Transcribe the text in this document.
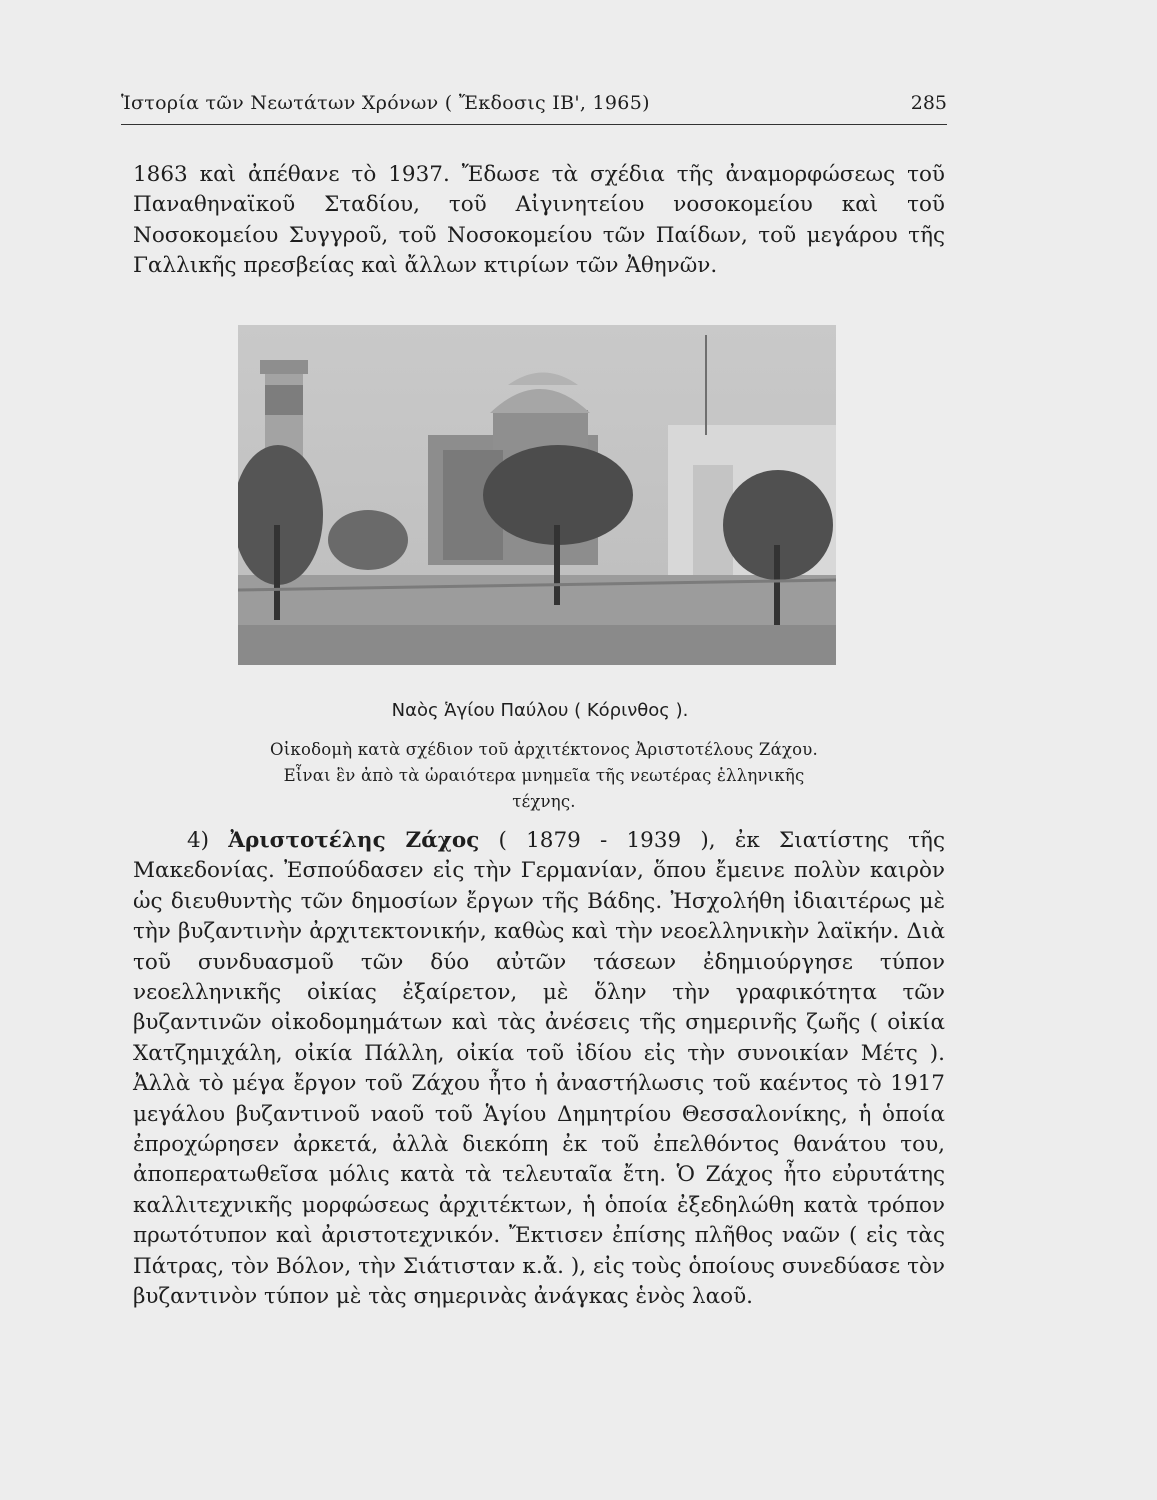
Ἱστορία τῶν Νεωτάτων Χρόνων ( Ἔκδοσις ΙΒ', 1965)	285

1863 καὶ ἀπέθανε τὸ 1937. Ἔδωσε τὰ σχέδια τῆς ἀναμορφώσεως τοῦ Παναθηναϊκοῦ Σταδίου, τοῦ Αἰγινητείου νοσοκομείου καὶ τοῦ Νοσοκομείου Συγγροῦ, τοῦ Νοσοκομείου τῶν Παίδων, τοῦ μεγάρου τῆς Γαλλικῆς πρεσβείας καὶ ἄλλων κτιρίων τῶν Ἀθηνῶν.

Ναὸς Ἁγίου Παύλου ( Κόρινθος ).
Οἰκοδομὴ κατὰ σχέδιον τοῦ ἀρχιτέκτονος Ἀριστοτέλους Ζάχου. Εἶναι ἓν ἀπὸ τὰ ὡραιότερα μνημεῖα τῆς νεωτέρας ἑλληνικῆς τέχνης.

4) Ἀριστοτέλης Ζάχος ( 1879 - 1939 ), ἐκ Σιατίστης τῆς Μακεδονίας. Ἐσπούδασεν εἰς τὴν Γερμανίαν, ὅπου ἔμεινε πολὺν καιρὸν ὡς διευθυντὴς τῶν δημοσίων ἔργων τῆς Βάδης. Ἠσχολήθη ἰδιαιτέρως μὲ τὴν βυζαντινὴν ἀρχιτεκτονικήν, καθὼς καὶ τὴν νεοελληνικὴν λαϊκήν. Διὰ τοῦ συνδυασμοῦ τῶν δύο αὐτῶν τάσεων ἐδημιούργησε τύπον νεοελληνικῆς οἰκίας ἐξαίρετον, μὲ ὅλην τὴν γραφικότητα τῶν βυζαντινῶν οἰκοδομημάτων καὶ τὰς ἀνέσεις τῆς σημερινῆς ζωῆς ( οἰκία Χατζημιχάλη, οἰκία Πάλλη, οἰκία τοῦ ἰδίου εἰς τὴν συνοικίαν Μέτς ). Ἀλλὰ τὸ μέγα ἔργον τοῦ Ζάχου ἦτο ἡ ἀναστήλωσις τοῦ καέντος τὸ 1917 μεγάλου βυζαντινοῦ ναοῦ τοῦ Ἁγίου Δημητρίου Θεσσαλονίκης, ἡ ὁποία ἐπροχώρησεν ἀρκετά, ἀλλὰ διεκόπη ἐκ τοῦ ἐπελθόντος θανάτου του, ἀποπερατωθεῖσα μόλις κατὰ τὰ τελευταῖα ἔτη. Ὁ Ζάχος ἦτο εὐρυτάτης καλλιτεχνικῆς μορφώσεως ἀρχιτέκτων, ἡ ὁποία ἐξεδηλώθη κατὰ τρόπον πρωτότυπον καὶ ἀριστοτεχνικόν. Ἔκτισεν ἐπίσης πλῆθος ναῶν ( εἰς τὰς Πάτρας, τὸν Βόλον, τὴν Σιάτισταν κ.ἄ. ), εἰς τοὺς ὁποίους συνεδύασε τὸν βυζαντινὸν τύπον μὲ τὰς σημερινὰς ἀνάγκας ἑνὸς λαοῦ.
